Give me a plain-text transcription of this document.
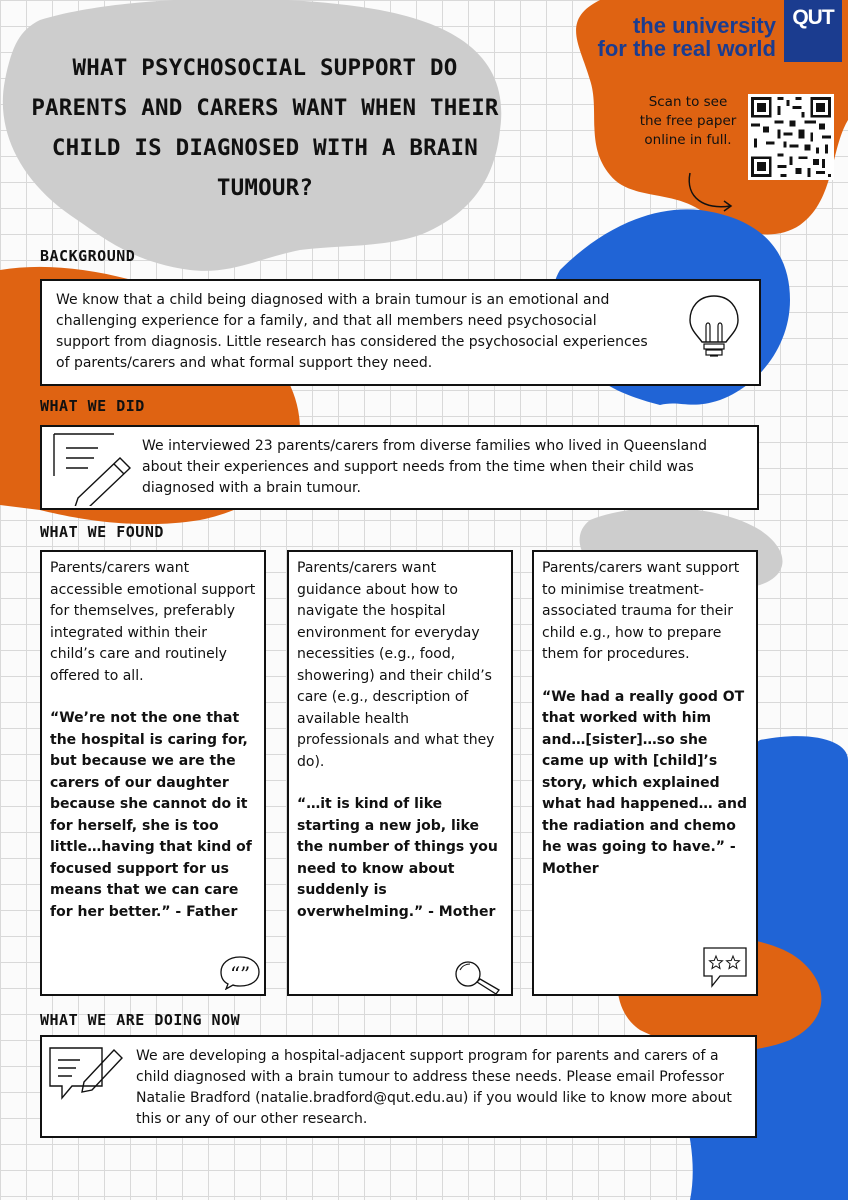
WHAT PSYCHOSOCIAL SUPPORT DO PARENTS AND CARERS WANT WHEN THEIR CHILD IS DIAGNOSED WITH A BRAIN TUMOUR?
the university
for the real world
QUT
Scan to see the free paper online in full.
BACKGROUND

We know that a child being diagnosed with a brain tumour is an emotional and challenging experience for a family, and that all members need psychosocial support from diagnosis. Little research has considered the psychosocial experiences of parents/carers and what formal support they need.

WHAT WE DID

We interviewed 23 parents/carers from diverse families who lived in Queensland about their experiences and support needs from the time when their child was diagnosed with a brain tumour.

WHAT WE FOUND

Parents/carers want accessible emotional support for themselves, preferably integrated within their child’s care and routinely offered to all.

“We’re not the one that the hospital is caring for, but because we are the carers of our daughter because she cannot do it for herself, she is too little…having that kind of focused support for us means that we can care for her better.” - Father

“ ”

Parents/carers want guidance about how to navigate the hospital environment for everyday necessities (e.g., food, showering) and their child’s care (e.g., description of available health professionals and what they do).

“…it is kind of like starting a new job, like the number of things you need to know about suddenly is overwhelming.” - Mother

Parents/carers want support to minimise treatment-associated trauma for their child e.g., how to prepare them for procedures.

“We had a really good OT that worked with him and…[sister]…so she came up with [child]’s story, which explained what had happened… and the radiation and chemo he was going to have.” - Mother

WHAT WE ARE DOING NOW

We are developing a hospital-adjacent support program for parents and carers of a child diagnosed with a brain tumour to address these needs. Please email Professor Natalie Bradford (natalie.bradford@qut.edu.au) if you would like to know more about this or any of our other research.
